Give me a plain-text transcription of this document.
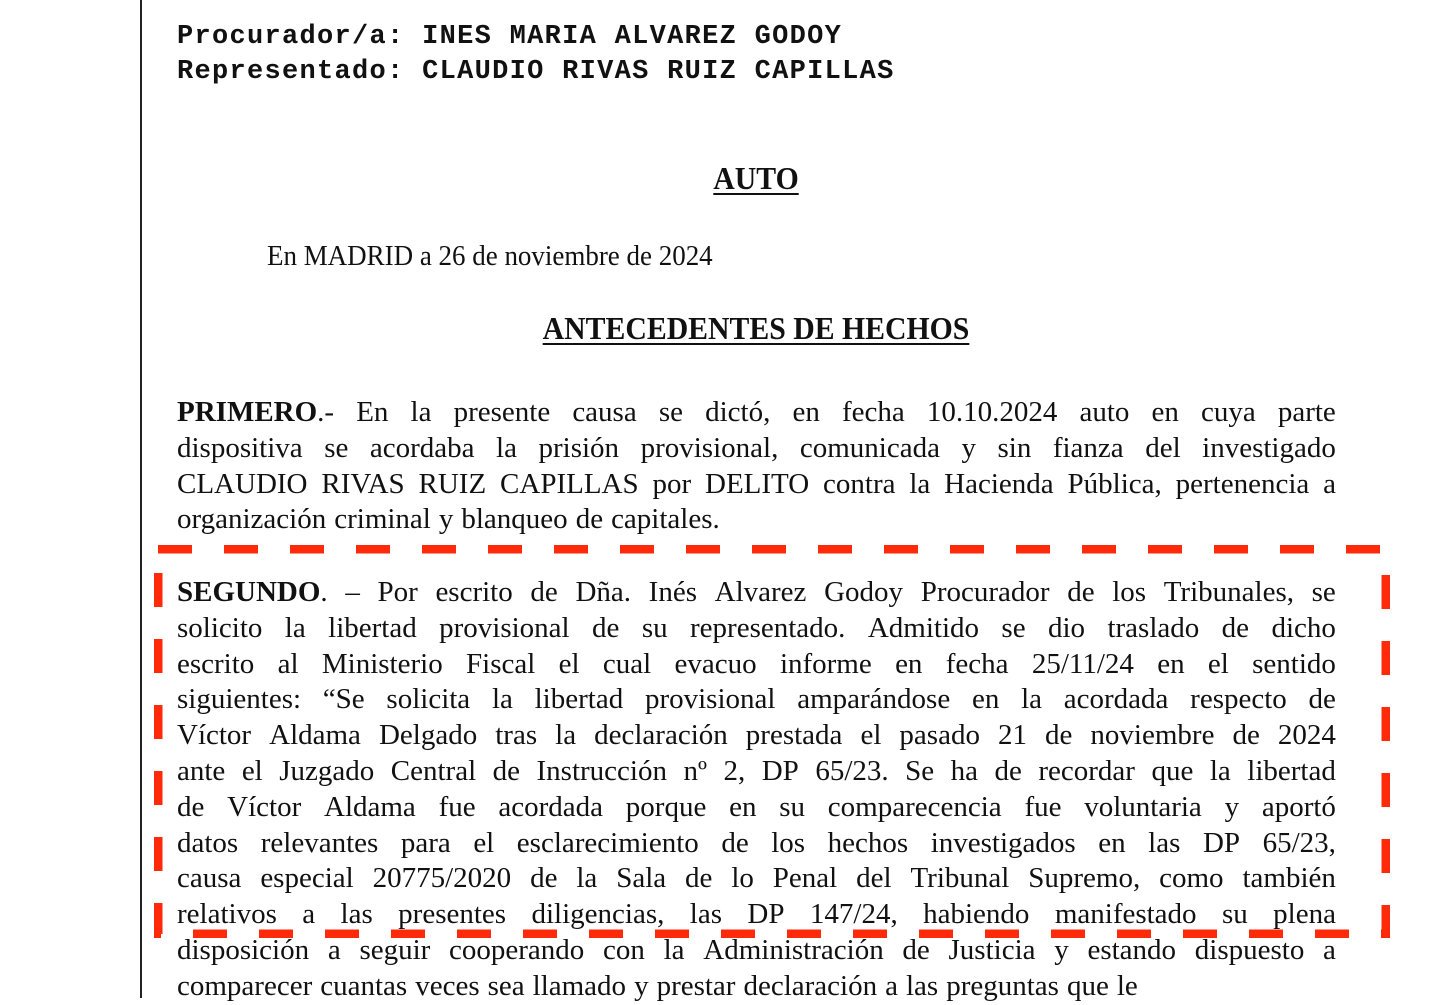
Procurador/a: INES MARIA ALVAREZ GODOY
Representado: CLAUDIO RIVAS RUIZ CAPILLAS
AUTO
En MADRID a 26 de noviembre de 2024
ANTECEDENTES DE HECHOS
PRIMERO.- En la presente causa se dictó, en fecha 10.10.2024 auto en cuya parte
dispositiva se acordaba la prisión provisional, comunicada y sin fianza del investigado
CLAUDIO RIVAS RUIZ CAPILLAS por DELITO contra la Hacienda Pública, pertenencia a
organización criminal y blanqueo de capitales.
SEGUNDO. – Por escrito de Dña. Inés Alvarez Godoy Procurador de los Tribunales, se
solicito la libertad provisional de su representado. Admitido se dio traslado de dicho
escrito al Ministerio Fiscal el cual evacuo informe en fecha 25/11/24 en el sentido
siguientes: “Se solicita la libertad provisional amparándose en la acordada respecto de
Víctor Aldama Delgado tras la declaración prestada el pasado 21 de noviembre de 2024
ante el Juzgado Central de Instrucción nº 2, DP 65/23. Se ha de recordar que la libertad
de Víctor Aldama fue acordada porque en su comparecencia fue voluntaria y aportó
datos relevantes para el esclarecimiento de los hechos investigados en las DP 65/23,
causa especial 20775/2020 de la Sala de lo Penal del Tribunal Supremo, como también
relativos a las presentes diligencias, las DP 147/24, habiendo manifestado su plena
disposición a seguir cooperando con la Administración de Justicia y estando dispuesto a
comparecer cuantas veces sea llamado y prestar declaración a las preguntas que le
